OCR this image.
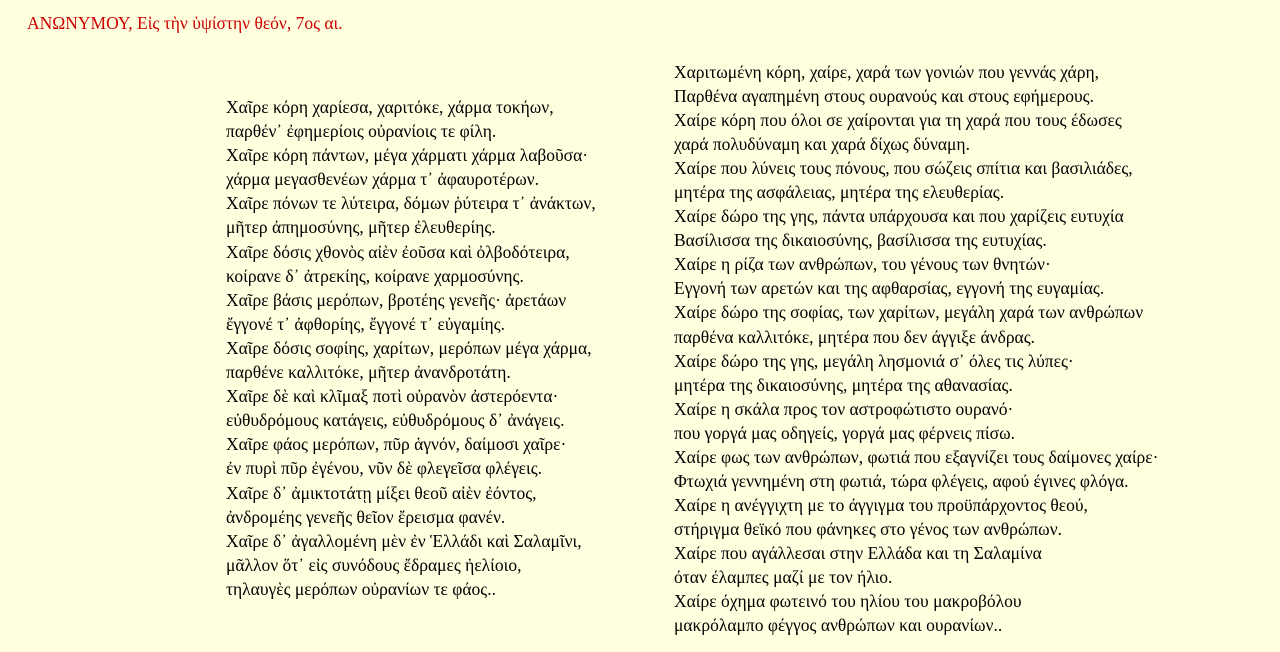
ΑΝΩΝΥΜΟΥ, Εἰς τὴν ὑψίστην θεόν, 7ος αι.
Χαῖρε κόρη χαρίεσα, χαριτόκε, χάρμα τοκήων,
παρθέν᾽ ἐφημερίοις οὐρανίοις τε φίλη.
Χαῖρε κόρη πάντων, μέγα χάρματι χάρμα λαβοῦσα·
χάρμα μεγασθενέων χάρμα τ᾽ ἀφαυροτέρων.
Χαῖρε πόνων τε λύτειρα, δόμων ῥύτειρα τ᾽ ἀνάκτων,
μῆτερ ἀπημοσύνης, μῆτερ ἐλευθερίης.
Χαῖρε δόσις χθονὸς αἰὲν ἐοῦσα καὶ ὀλβοδότειρα,
κοίρανε δ᾽ ἀτρεκίης, κοίρανε χαρμοσύνης.
Χαῖρε βάσις μερόπων, βροτέης γενεῆς· ἀρετάων
ἔγγονέ τ᾽ ἀφθορίης, ἔγγονέ τ᾽ εὐγαμίης.
Χαῖρε δόσις σοφίης, χαρίτων, μερόπων μέγα χάρμα,
παρθένε καλλιτόκε, μῆτερ ἀνανδροτάτη.
Χαῖρε δὲ καὶ κλῖμαξ ποτὶ οὐρανὸν ἀστερόεντα·
εὐθυδρόμους κατάγεις, εὐθυδρόμους δ᾽ ἀνάγεις.
Χαῖρε φάος μερόπων, πῦρ ἁγνόν, δαίμοσι χαῖρε·
ἐν πυρὶ πῦρ ἐγένου, νῦν δὲ φλεγεῖσα φλέγεις.
Χαῖρε δ᾽ ἀμικτοτάτῃ μίξει θεοῦ αἰὲν ἐόντος,
ἀνδρομέης γενεῆς θεῖον ἔρεισμα φανέν.
Χαῖρε δ᾽ ἀγαλλομένη μὲν ἐν Ἑλλάδι καὶ Σαλαμῖνι,
μᾶλλον ὅτ᾽ εἰς συνόδους ἔδραμες ἠελίοιο,
τηλαυγὲς μερόπων οὐρανίων τε φάος..
Χαριτωμένη κόρη, χαίρε, χαρά των γονιών που γεννάς χάρη,
Παρθένα αγαπημένη στους ουρανούς και στους εφήμερους.
Χαίρε κόρη που όλοι σε χαίρονται για τη χαρά που τους έδωσες
χαρά πολυδύναμη και χαρά δίχως δύναμη.
Χαίρε που λύνεις τους πόνους, που σώζεις σπίτια και βασιλιάδες,
μητέρα της ασφάλειας, μητέρα της ελευθερίας.
Χαίρε δώρο της γης, πάντα υπάρχουσα και που χαρίζεις ευτυχία
Βασίλισσα της δικαιοσύνης, βασίλισσα της ευτυχίας.
Χαίρε η ρίζα των ανθρώπων, του γένους των θνητών·
Εγγονή των αρετών και της αφθαρσίας, εγγονή της ευγαμίας.
Χαίρε δώρο της σοφίας, των χαρίτων, μεγάλη χαρά των ανθρώπων
παρθένα καλλιτόκε, μητέρα που δεν άγγιξε άνδρας.
Χαίρε δώρο της γης, μεγάλη λησμονιά σ᾽ όλες τις λύπες·
μητέρα της δικαιοσύνης, μητέρα της αθανασίας.
Χαίρε η σκάλα προς τον αστροφώτιστο ουρανό·
που γοργά μας οδηγείς, γοργά μας φέρνεις πίσω.
Χαίρε φως των ανθρώπων, φωτιά που εξαγνίζει τους δαίμονες χαίρε·
Φτωχιά γεννημένη στη φωτιά, τώρα φλέγεις, αφού έγινες φλόγα.
Χαίρε η ανέγγιχτη με το άγγιγμα του προϋπάρχοντος θεού,
στήριγμα θεϊκό που φάνηκες στο γένος των ανθρώπων.
Χαίρε που αγάλλεσαι στην Ελλάδα και τη Σαλαμίνα
όταν έλαμπες μαζί με τον ήλιο.
Χαίρε όχημα φωτεινό του ηλίου του μακροβόλου
μακρόλαμπο φέγγος ανθρώπων και ουρανίων..
